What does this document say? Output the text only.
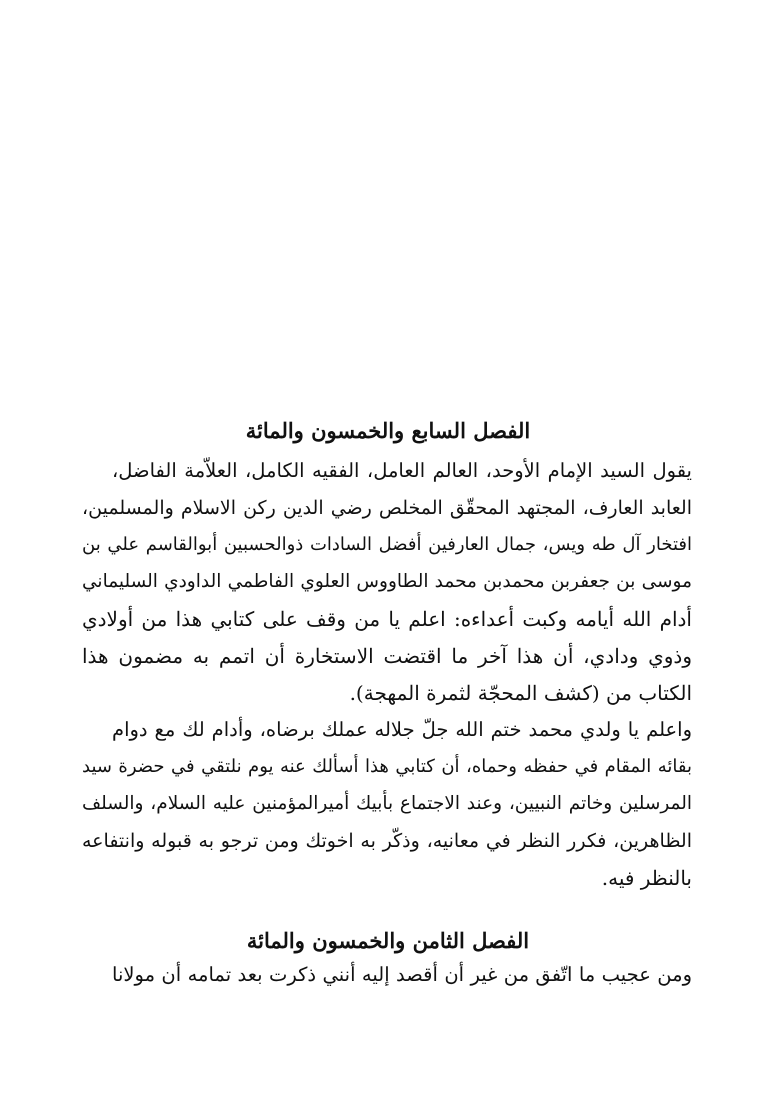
الفصل السابع والخمسون والمائة
يقول السيد الإمام الأوحد، العالم العامل، الفقيه الكامل، العلاّمة الفاضل،
العابد العارف، المجتهد المحقّق المخلص رضي الدين ركن الاسلام والمسلمين،
افتخار آل طه ويس، جمال العارفين أفضل السادات ذوالحسبين أبوالقاسم علي بن
موسى بن جعفربن محمدبن محمد الطاووس العلوي الفاطمي الداودي السليماني
أدام الله أيامه وكبت أعداءه: اعلم يا من وقف على كتابي هذا من أولادي
وذوي ودادي، أن هذا آخر ما اقتضت الاستخارة أن اتمم به مضمون هذا
الكتاب من (كشف المحجّة لثمرة المهجة).
واعلم يا ولدي محمد ختم الله جلّ جلاله عملك برضاه، وأدام لك مع دوام
بقائه المقام في حفظه وحماه، أن كتابي هذا أسألك عنه يوم نلتقي في حضرة سيد
المرسلين وخاتم النبيين، وعند الاجتماع بأبيك أميرالمؤمنين عليه السلام، والسلف
الظاهرين، فكرر النظر في معانيه، وذكّر به اخوتك ومن ترجو به قبوله وانتفاعه
بالنظر فيه.
الفصل الثامن والخمسون والمائة
ومن عجيب ما اتّفق من غير أن أقصد إليه أنني ذكرت بعد تمامه أن مولانا
